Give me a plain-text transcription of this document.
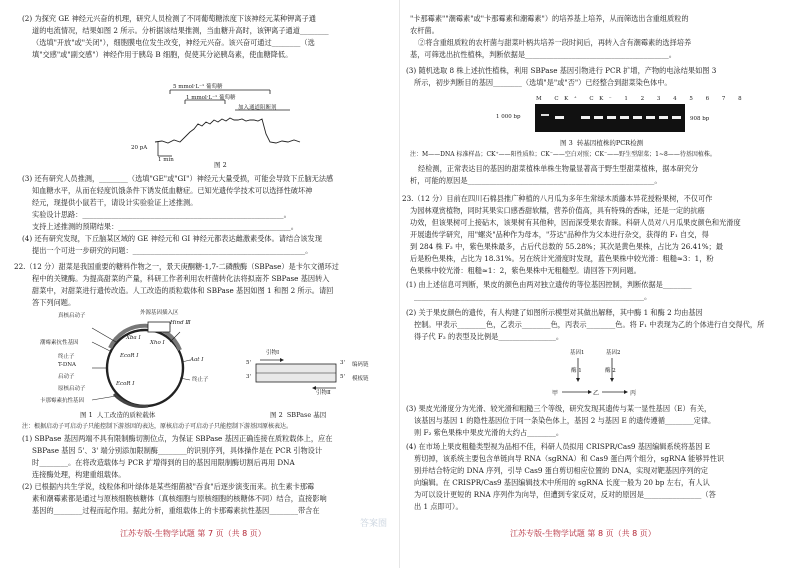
(2) 为探究 GE 神经元兴奋的机理，研究人员检测了不同葡萄糖浓度下该神经元某种钾离子通
道的电流情况，结果如图 2 所示。分析据该结果推测，当血糖升高时，该钾离子通道________
（选填"开放"或"关闭"），细胞膜电位发生改变，神经元兴奋。该兴奋可通过________（选
填"交感"或"副交感"）神经作用于胰岛 B 细胞，促使其分泌胰岛素，使血糖降低。
5 mmol·L⁻¹ 葡萄糖
1 mmol·L⁻¹ 葡萄糖
加入通道阻断剂
20 pA
1 min
图 2
(3) 还有研究人员推测，________（选填"GE"或"GI"）神经元大量受损，可能会导致下丘脑无法感
知血糖水平，从而在轻度饥饿条件下诱发低血糖症。已知光遗传学技术可以选择性破坏神
经元，现提供小鼠若干，请设计实验验证上述推测。
实验设计思路：________________________________________________________。
支持上述推测的预期结果：________________________________________________。
(4) 还有研究发现，下丘脑某区域的 GE 神经元和 GI 神经元都表达雌激素受体。请结合该发现
提出一个可进一步研究的问题：________________________________________________。
22.（12 分）甜菜是我国重要的糖料作物之一，景天庚酮糖-1,7-二磷酸酶（SBPase）是卡尔文循环过
程中的关键酶。为提高甜菜的产量，科研工作者利用农杆菌转化法将拟南芥 SBPase 基因转入
甜菜中，对甜菜进行遗传改造。人工改造的质粒载体和 SBPase 基因如图 1 和图 2 所示。请回
答下列问题。
真核启动子	外源基因插入区
Hind Ⅲ
潮霉素抗性基因
Xba Ⅰ
Xho Ⅰ
Aat Ⅰ
终止子
T-DNA
EcoR Ⅰ
终止子
启动子
EcoR Ⅰ
卡那霉素抗性基因
原核启动子
引物Ⅰ
5'	3'
3'	5'
编码链
模板链
引物Ⅱ
图 1  人工改造的质粒载体	图 2  SBPase 基因
注：根据启动子可启动子只能控制下游基因的表达，原核启动子可启动子只能控制下游基因原核表达。
(1) SBPase 基因两端不具有限制酶切割位点，为保证 SBPase 基因正确连接在质粒载体上，应在
SBPase 基因 5'、3' 端分别添加限制酶________的识别序列，具体操作是在 PCR 引物设计
时________。在将改造载体与 PCR 扩增得到的目的基因用限制酶切割后再用 DNA
连接酶处理，构建重组载体。
(2) 已根据内共生学说，线粒体和叶绿体是某些细菌被"吞食"后逐步演变而来。抗生素卡那霉
素和潮霉素都是通过与原核细胞核糖体（真核细胞与原核细胞的核糖体不同）结合，直接影响
基因的________过程而起作用。据此分析，重组载体上的卡那霉素抗性基因________带含在
江苏专版-生物学试题 第 7 页（共 8 页）
"卡那霉素""潮霉素"或"卡那霉素和潮霉素"）的培养基上培养，从而筛选出含重组质粒的
农杆菌。
②将含重组质粒的农杆菌与甜菜叶柄共培养一段时间后，再转入含有潮霉素的选择培养
基，可筛选出抗性植株，判断依据是________________________________________。
(3) 随机选取 8 株上述抗性植株，利用 SBPase 基因引物进行 PCR 扩增，产物的电泳结果如图 3
所示，初步判断目的基因________（选填"是"或"否"）已经整合到甜菜染色体中。
M CK⁺ CK⁻ 1 2 3 4 5 6 7 8
1 000 bp	908 bp
图 3  转基因植株的PCR检测
注：M——DNA 标准样品；CK⁺——阳性质粒；CK⁻——空白对照；CK⁻——野生型甜菜；1~8——待基因植株。
经检测，正常表达目的基因的甜菜植株单株生物量显著高于野生型甜菜植株，据本研究分
析，可能的原因是____________________________________________________。
23.（12 分）目前在四川石棉县推广种植的八月瓜为多年生常绿木质藤本异花授粉果树，不仅可作
为园林观赏植物，同时其果实口感香甜软糯，营养价值高，具有特殊的香味，还是一定的抗癌
功效，但该果树可上接砧木，该果树有其他种，因而深受果农青睐。科研人员对八月瓜果皮颜色和光滑度
开展遗传学研究，用"螺炎"品种作为母本，"芬达"品种作为父本进行杂交，获得的 F₁ 自交，得
到 284 株 F₂ 中，紫色果株最多，占后代总数的 55.28%；其次是黄色果株，占比为 26.41%；最
后是粉色果株，占比为 18.31%。另在统计光滑度时发现，蓝色果株中较光滑：粗糙≈3：1，粉
色果株中较光滑：粗糙≈1：2，紫色果株中无粗糙型。请回答下列问题。
(1) 由上述信息可判断，果皮的颜色由两对独立遗传的等位基因控制，判断依据是________
________________________________________________________________。
(2) 关于果皮颜色的遗传，有人构建了如图所示模型对其做出解释，其中酶 1 和酶 2 均由基因
控制。甲表示________色，乙表示________色，丙表示________色。将 F₁ 中表现为乙的个体进行自交得代，所
得子代 F₂ 的表型及比例是________________。
基因1	基因2
酶 1	酶 2
甲	乙	丙
(3) 果皮光滑度分为光滑、较光滑和粗糙三个等级，研究发现其遗传与某一显性基因（E）有关，
该基因与基因 1 的隐性基因位于同一条染色体上，基因 2 与基因 E 的遗传遵循________定律。
则 F₂ 紫色果株中果皮光滑的大约占________。
(4) 在市场上果皮粗糙类型视为品相不佳，科研人员拟用 CRISPR/Cas9 基因编辑系统将基因 E
剪切掉，该系统主要包含单链向导 RNA（sgRNA）和 Cas9 蛋白两个组分，sgRNA 能够异性识
别并结合特定的 DNA 序列，引导 Cas9 蛋白剪切相应位置的 DNA，实现对靶基因序列的定
向编辑。在 CRISPR/Cas9 基因编辑技术中所用的 sgRNA 长度一般为 20 bp 左右，有人认
为可以设计更短的 RNA 序列作为向导，但遭到专家反对，反对的原因是________________（答
出 1 点即可）。
江苏专版-生物学试题 第 8 页（共 8 页）
答案圈
